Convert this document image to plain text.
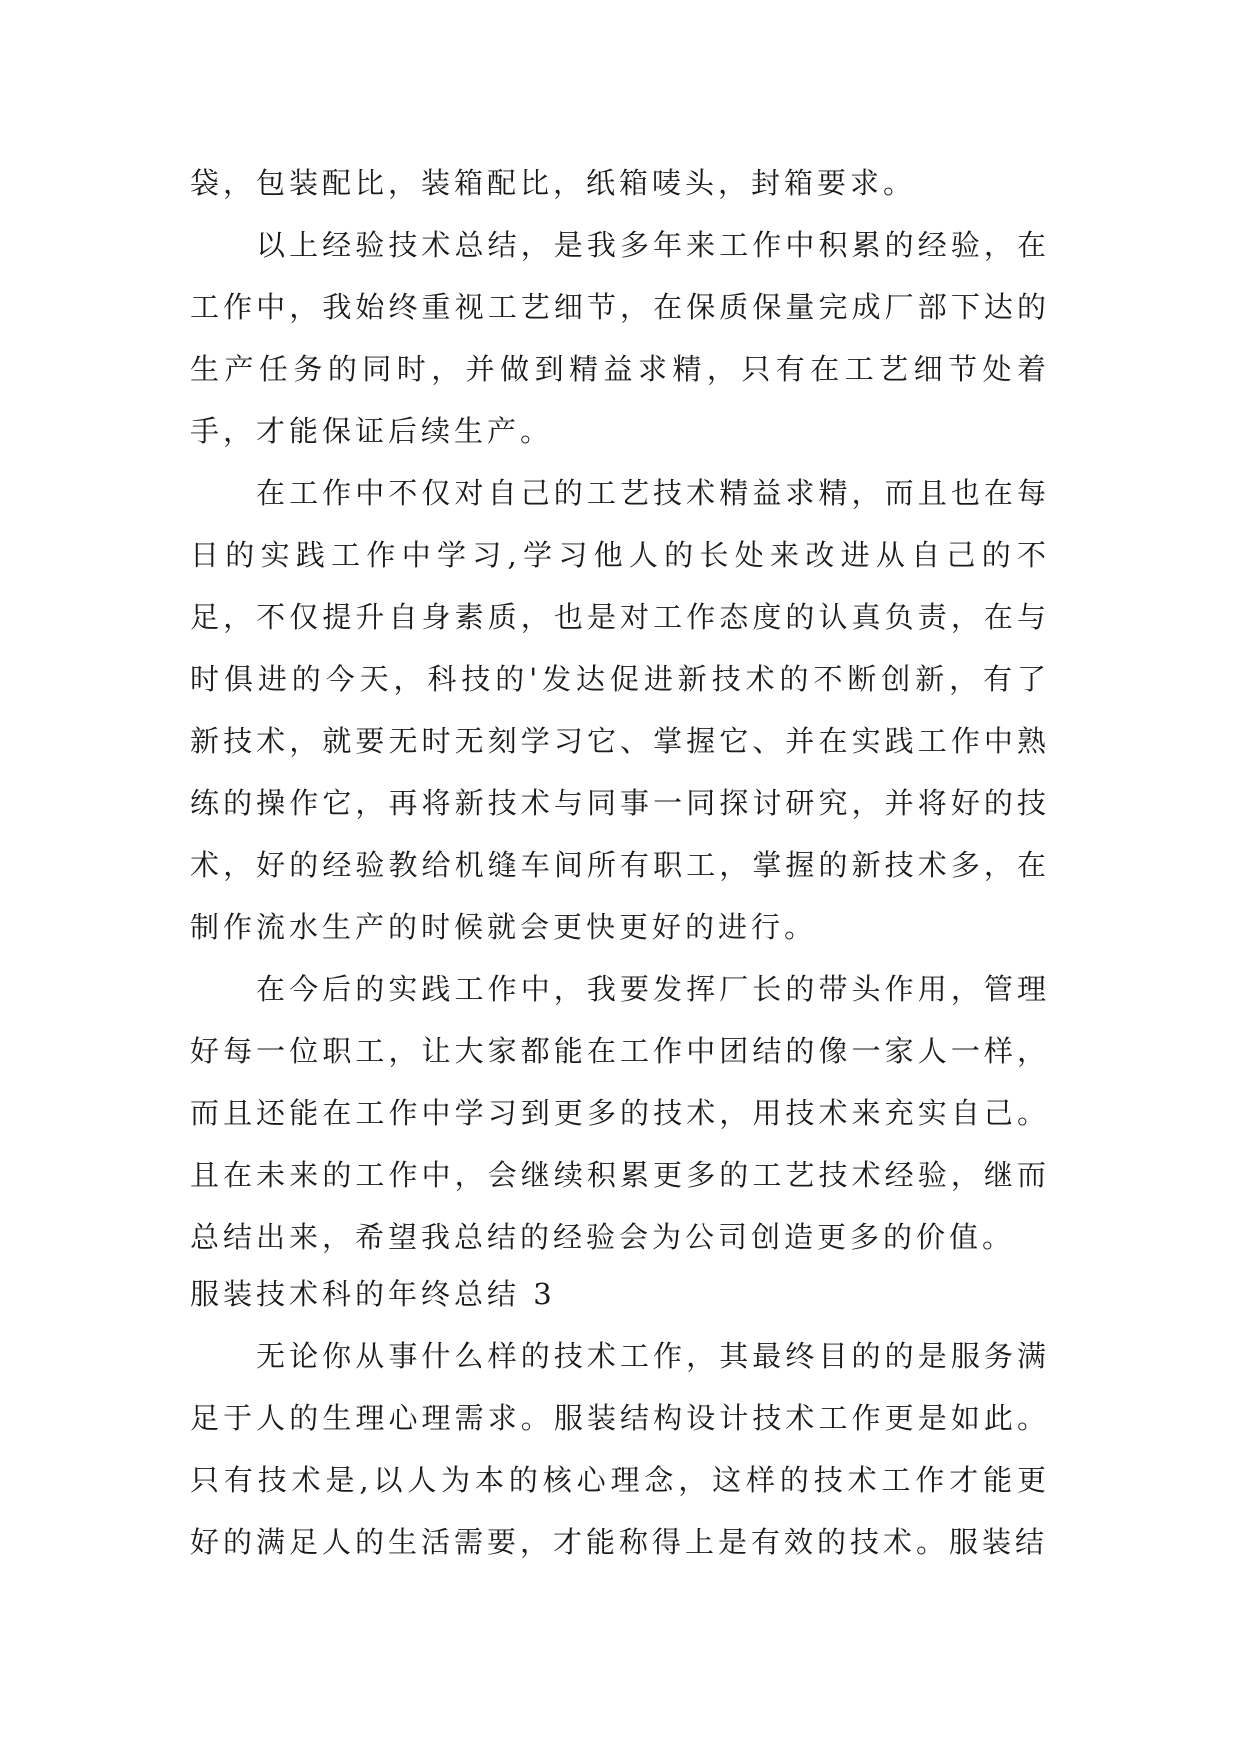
袋，包装配比，装箱配比，纸箱唛头，封箱要求。

以上经验技术总结，是我多年来工作中积累的经验，在工作中，我始终重视工艺细节，在保质保量完成厂部下达的生产任务的同时，并做到精益求精，只有在工艺细节处着手，才能保证后续生产。

在工作中不仅对自己的工艺技术精益求精，而且也在每日的实践工作中学习,学习他人的长处来改进从自己的不足，不仅提升自身素质，也是对工作态度的认真负责，在与时俱进的今天，科技的'发达促进新技术的不断创新，有了新技术，就要无时无刻学习它、掌握它、并在实践工作中熟练的操作它，再将新技术与同事一同探讨研究，并将好的技术，好的经验教给机缝车间所有职工，掌握的新技术多，在制作流水生产的时候就会更快更好的进行。

在今后的实践工作中，我要发挥厂长的带头作用，管理好每一位职工，让大家都能在工作中团结的像一家人一样，而且还能在工作中学习到更多的技术，用技术来充实自己。且在未来的工作中，会继续积累更多的工艺技术经验，继而总结出来，希望我总结的经验会为公司创造更多的价值。

服装技术科的年终总结 3

无论你从事什么样的技术工作，其最终目的的是服务满足于人的生理心理需求。服装结构设计技术工作更是如此。只有技术是,以人为本的核心理念，这样的技术工作才能更好的满足人的生活需要，才能称得上是有效的技术。服装结
